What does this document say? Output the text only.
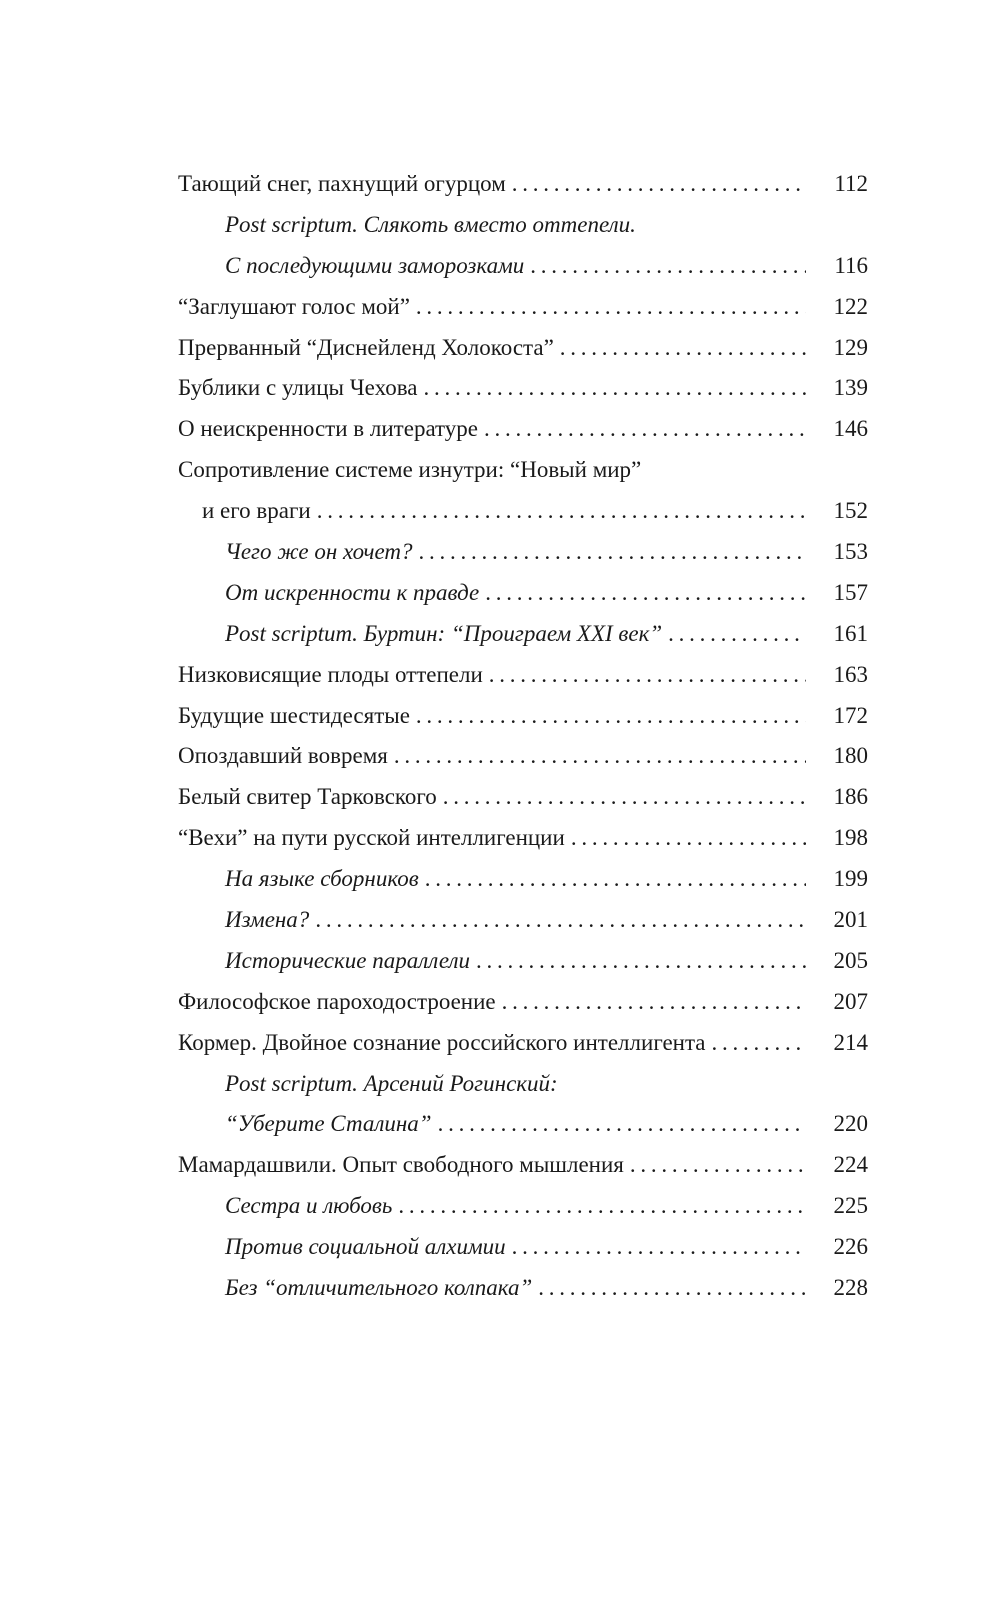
Тающий снег, пахнущий огурцом . . .	112
Post scriptum. Слякоть вместо оттепели.
С последующими заморозками . . .	116
“Заглушают голос мой” . . .	122
Прерванный “Диснейленд Холокоста” . . .	129
Бублики с улицы Чехова . . .	139
О неискренности в литературе . . .	146
Сопротивление системе изнутри: “Новый мир”
и его враги . . .	152
Чего же он хочет? . . .	153
От искренности к правде . . .	157
Post scriptum. Буртин: “Проиграем XXI век” . . .	161
Низковисящие плоды оттепели . . .	163
Будущие шестидесятые . . .	172
Опоздавший вовремя . . .	180
Белый свитер Тарковского . . .	186
“Вехи” на пути русской интеллигенции . . .	198
На языке сборников . . .	199
Измена? . . .	201
Исторические параллели . . .	205
Философское пароходостроение . . .	207
Кормер. Двойное сознание российского интеллигента . . .	214
Post scriptum. Арсений Рогинский:
“Уберите Сталина” . . .	220
Мамардашвили. Опыт свободного мышления . . .	224
Сестра и любовь . . .	225
Против социальной алхимии . . .	226
Без “отличительного колпака” . . .	228
